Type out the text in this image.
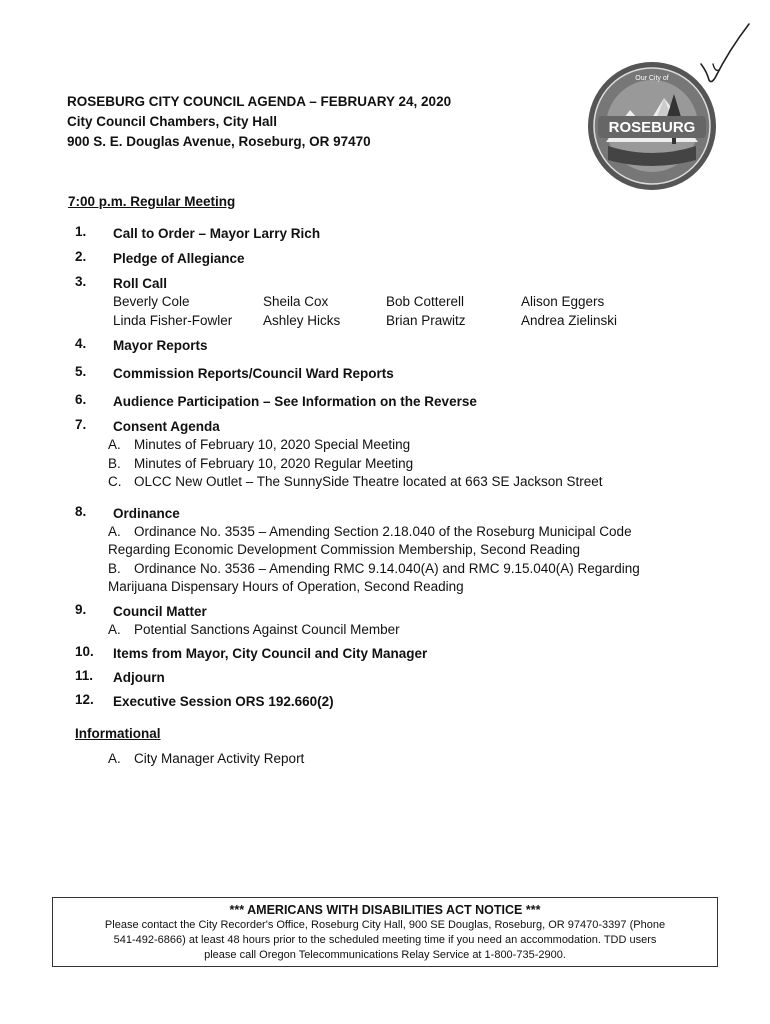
ROSEBURG CITY COUNCIL AGENDA – FEBRUARY 24, 2020
City Council Chambers, City Hall
900 S. E. Douglas Avenue, Roseburg, OR 97470
ROSEBURG
Our City of
7:00 p.m. Regular Meeting
1.	Call to Order – Mayor Larry Rich
2.	Pledge of Allegiance
3.	Roll Call
Beverly Cole	Sheila Cox	Bob Cotterell	Alison Eggers
Linda Fisher-Fowler	Ashley Hicks	Brian Prawitz	Andrea Zielinski
4.	Mayor Reports
5.	Commission Reports/Council Ward Reports
6.	Audience Participation – See Information on the Reverse
7.	Consent Agenda
A. Minutes of February 10, 2020 Special Meeting
B. Minutes of February 10, 2020 Regular Meeting
C. OLCC New Outlet – The SunnySide Theatre located at 663 SE Jackson Street
8.	Ordinance
A. Ordinance No. 3535 – Amending Section 2.18.040 of the Roseburg Municipal Code
Regarding Economic Development Commission Membership, Second Reading
B. Ordinance No. 3536 – Amending RMC 9.14.040(A) and RMC 9.15.040(A) Regarding
Marijuana Dispensary Hours of Operation, Second Reading
9.	Council Matter
A. Potential Sanctions Against Council Member
10.	Items from Mayor, City Council and City Manager
11.	Adjourn
12.	Executive Session ORS 192.660(2)
Informational
A. City Manager Activity Report
*** AMERICANS WITH DISABILITIES ACT NOTICE ***
Please contact the City Recorder's Office, Roseburg City Hall, 900 SE Douglas, Roseburg, OR 97470-3397 (Phone
541-492-6866) at least 48 hours prior to the scheduled meeting time if you need an accommodation. TDD users
please call Oregon Telecommunications Relay Service at 1-800-735-2900.
